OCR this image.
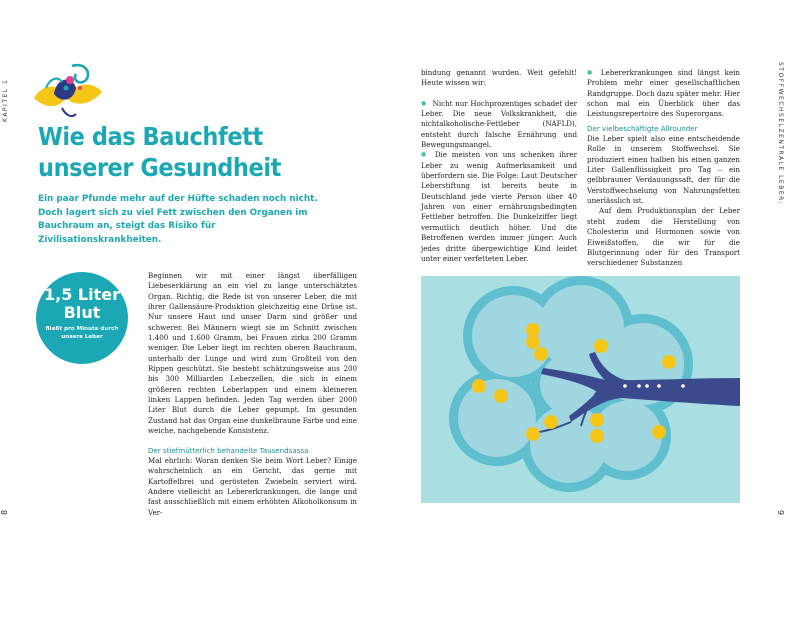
KAPITEL 1	STOFFWECHSELZENTRALE LEBER:
8	9
Wie das Bauchfett
unserer Gesundheit

Ein paar Pfunde mehr auf der Hüfte schaden noch nicht. Doch lagert sich zu viel Fett zwischen den Organen im Bauchraum an, steigt das Risiko für Zivilisationskrankheiten.

1,5 Liter
Blut
fließt pro Minute durch unsere Leber

Beginnen wir mit einer längst überfälligen Liebeserklärung an ein viel zu lange unterschätztes Organ. Richtig, die Rede ist von unserer Leber, die mit ihrer Gallensäure-Produktion gleichzeitig eine Drüse ist. Nur unsere Haut und unser Darm sind größer und schwerer. Bei Männern wiegt sie im Schnitt zwischen 1.400 und 1.600 Gramm, bei Frauen zirka 200 Gramm weniger. Die Leber liegt im rechten oberen Bauchraum, unterhalb der Lunge und wird zum Großteil von den Rippen geschützt. Sie besteht schätzungsweise aus 200 bis 300 Milliarden Leberzellen, die sich in einem größeren rechten Leberlappen und einem kleineren linken Lappen befinden. Jeden Tag werden über 2000 Liter Blut durch die Leber gepumpt. Im gesunden Zustand hat das Organ eine dunkelbraune Farbe und eine weiche, nachgebende Konsistenz.

Der stiefmütterlich behandelte Tausendsassa

Mal ehrlich: Woran denken Sie beim Wort Leber? Einige wahrscheinlich an ein Gericht, das gerne mit Kartoffelbrei und gerösteten Zwiebeln serviert wird. Andere vielleicht an Lebererkrankungen, die lange und fast ausschließlich mit einem erhöhten Alkoholkonsum in Ver-

bindung genannt wurden. Weit gefehlt! Heute wissen wir:

● Nicht nur Hochprozentiges schadet der Leber. Die neue Volkskrankheit, die nichtalkoholische-Fettleber (NAFLD), entsteht durch falsche Ernährung und Bewegungsmangel.

● Die meisten von uns schenken ihrer Leber zu wenig Aufmerksamkeit und überfordern sie. Die Folge: Laut Deutscher Leberstiftung ist bereits heute in Deutschland jede vierte Person über 40 Jahren von einer ernährungsbedingten Fettleber betroffen. Die Dunkelziffer liegt vermutlich deutlich höher. Und die Betroffenen werden immer jünger: Auch jedes dritte übergewichtige Kind leidet unter einer verfetteten Leber.

● Lebererkrankungen sind längst kein Problem mehr einer gesellschaftlichen Randgruppe. Doch dazu später mehr. Hier schon mal ein Überblick über das Leistungsrepertoire des Superorgans.

Der vielbeschäftigte Allrounder

Die Leber spielt also eine entscheidende Rolle in unserem Stoffwechsel. Sie produziert einen halben bis einen ganzen Liter Gallenflüssigkeit pro Tag – ein gelbbrauner Verdauungssaft, der für die Verstoffwechselung von Nahrungsfetten unerlässlich ist.

Auf dem Produktionsplan der Leber steht zudem die Herstellung von Cholesterin und Hormonen sowie von Eiweißstoffen, die wir für die Blutgerinnung oder für den Transport verschiedener Substanzen
